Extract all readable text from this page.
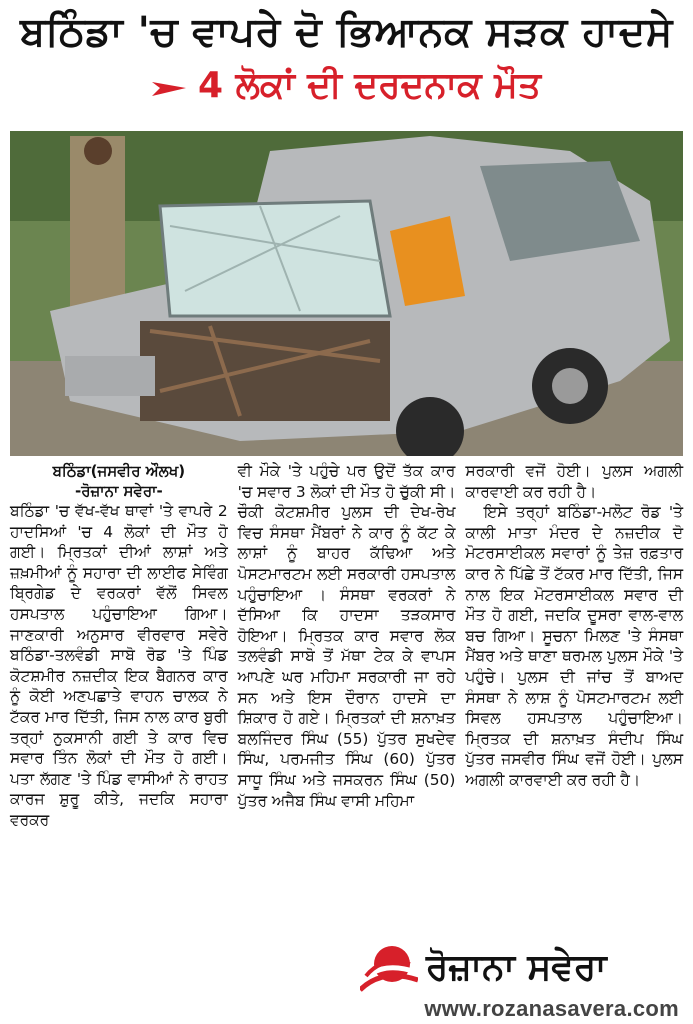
ਬਠਿੰਡਾ 'ਚ ਵਾਪਰੇ ਦੋ ਭਿਆਨਕ ਸੜਕ ਹਾਦਸੇ
4 ਲੋਕਾਂ ਦੀ ਦਰਦਨਾਕ ਮੌਤ
ਬਠਿੰਡਾ(ਜਸਵੀਰ ਔਲਖ)
-ਰੋਜ਼ਾਨਾ ਸਵੇਰਾ-

ਬਠਿੰਡਾ 'ਚ ਵੱਖ-ਵੱਖ ਥਾਵਾਂ 'ਤੇ ਵਾਪਰੇ 2 ਹਾਦਸਿਆਂ 'ਚ 4 ਲੋਕਾਂ ਦੀ ਮੌਤ ਹੋ ਗਈ। ਮ੍ਰਿਤਕਾਂ ਦੀਆਂ ਲਾਸ਼ਾਂ ਅਤੇ ਜ਼ਖ਼ਮੀਆਂ ਨੂੰ ਸਹਾਰਾ ਦੀ ਲਾਈਫ ਸੇਵਿੰਗ ਬ੍ਰਿਗੇਡ ਦੇ ਵਰਕਰਾਂ ਵੱਲੋਂ ਸਿਵਲ ਹਸਪਤਾਲ ਪਹੁੰਚਾਇਆ ਗਿਆ। ਜਾਣਕਾਰੀ ਅਨੁਸਾਰ ਵੀਰਵਾਰ ਸਵੇਰੇ ਬਠਿੰਡਾ-ਤਲਵੰਡੀ ਸਾਬੋ ਰੋਡ 'ਤੇ ਪਿੰਡ ਕੋਟਸ਼ਮੀਰ ਨਜ਼ਦੀਕ ਇਕ ਬੈਗਨਰ ਕਾਰ ਨੂੰ ਕੋਈ ਅਣਪਛਾਤੇ ਵਾਹਨ ਚਾਲਕ ਨੇ ਟੱਕਰ ਮਾਰ ਦਿੱਤੀ, ਜਿਸ ਨਾਲ ਕਾਰ ਬੁਰੀ ਤਰ੍ਹਾਂ ਨੁਕਸਾਨੀ ਗਈ ਤੇ ਕਾਰ ਵਿਚ ਸਵਾਰ ਤਿੰਨ ਲੋਕਾਂ ਦੀ ਮੌਤ ਹੋ ਗਈ। ਪਤਾ ਲੱਗਣ 'ਤੇ ਪਿੰਡ ਵਾਸੀਆਂ ਨੇ ਰਾਹਤ ਕਾਰਜ ਸ਼ੁਰੂ ਕੀਤੇ, ਜਦਕਿ ਸਹਾਰਾ ਵਰਕਰ

ਵੀ ਮੌਕੇ 'ਤੇ ਪਹੁੰਚੇ ਪਰ ਉਦੋਂ ਤੱਕ ਕਾਰ 'ਚ ਸਵਾਰ 3 ਲੋਕਾਂ ਦੀ ਮੌਤ ਹੋ ਚੁੱਕੀ ਸੀ। ਚੌਕੀ ਕੋਟਸ਼ਮੀਰ ਪੁਲਸ ਦੀ ਦੇਖ-ਰੇਖ ਵਿਚ ਸੰਸਥਾ ਮੈਂਬਰਾਂ ਨੇ ਕਾਰ ਨੂੰ ਕੱਟ ਕੇ ਲਾਸ਼ਾਂ ਨੂੰ ਬਾਹਰ ਕੱਢਿਆ ਅਤੇ ਪੋਸਟਮਾਰਟਮ ਲਈ ਸਰਕਾਰੀ ਹਸਪਤਾਲ ਪਹੁੰਚਾਇਆ । ਸੰਸਥਾ ਵਰਕਰਾਂ ਨੇ ਦੱਸਿਆ ਕਿ ਹਾਦਸਾ ਤੜਕਸਾਰ ਹੋਇਆ। ਮ੍ਰਿਤਕ ਕਾਰ ਸਵਾਰ ਲੋਕ ਤਲਵੰਡੀ ਸਾਬੋ ਤੋਂ ਮੱਥਾ ਟੇਕ ਕੇ ਵਾਪਸ ਆਪਣੇ ਘਰ ਮਹਿਮਾ ਸਰਕਾਰੀ ਜਾ ਰਹੇ ਸਨ ਅਤੇ ਇਸ ਦੌਰਾਨ ਹਾਦਸੇ ਦਾ ਸ਼ਿਕਾਰ ਹੋ ਗਏ। ਮ੍ਰਿਤਕਾਂ ਦੀ ਸ਼ਨਾਖ਼ਤ ਬਲਜਿੰਦਰ ਸਿੰਘ (55) ਪੁੱਤਰ ਸੁਖਦੇਵ ਸਿੰਘ, ਪਰਮਜੀਤ ਸਿੰਘ (60) ਪੁੱਤਰ ਸਾਧੂ ਸਿੰਘ ਅਤੇ ਜਸਕਰਨ ਸਿੰਘ (50) ਪੁੱਤਰ ਅਜੈਬ ਸਿੰਘ ਵਾਸੀ ਮਹਿਮਾ

ਸਰਕਾਰੀ ਵਜੋਂ ਹੋਈ। ਪੁਲਸ ਅਗਲੀ ਕਾਰਵਾਈ ਕਰ ਰਹੀ ਹੈ।

ਇਸੇ ਤਰ੍ਹਾਂ ਬਠਿੰਡਾ-ਮਲੋਟ ਰੋਡ 'ਤੇ ਕਾਲੀ ਮਾਤਾ ਮੰਦਰ ਦੇ ਨਜ਼ਦੀਕ ਦੋ ਮੋਟਰਸਾਈਕਲ ਸਵਾਰਾਂ ਨੂੰ ਤੇਜ਼ ਰਫ਼ਤਾਰ ਕਾਰ ਨੇ ਪਿੱਛੇ ਤੋਂ ਟੱਕਰ ਮਾਰ ਦਿੱਤੀ, ਜਿਸ ਨਾਲ ਇਕ ਮੋਟਰਸਾਈਕਲ ਸਵਾਰ ਦੀ ਮੌਤ ਹੋ ਗਈ, ਜਦਕਿ ਦੂਸਰਾ ਵਾਲ-ਵਾਲ ਬਚ ਗਿਆ। ਸੂਚਨਾ ਮਿਲਣ 'ਤੇ ਸੰਸਥਾ ਮੈਂਬਰ ਅਤੇ ਥਾਣਾ ਥਰਮਲ ਪੁਲਸ ਮੌਕੇ 'ਤੇ ਪਹੁੰਚੇ। ਪੁਲਸ ਦੀ ਜਾਂਚ ਤੋਂ ਬਾਅਦ ਸੰਸਥਾ ਨੇ ਲਾਸ਼ ਨੂੰ ਪੋਸਟਮਾਰਟਮ ਲਈ ਸਿਵਲ ਹਸਪਤਾਲ ਪਹੁੰਚਾਇਆ। ਮ੍ਰਿਤਕ ਦੀ ਸ਼ਨਾਖ਼ਤ ਸੰਦੀਪ ਸਿੰਘ ਪੁੱਤਰ ਜਸਵੀਰ ਸਿੰਘ ਵਜੋਂ ਹੋਈ। ਪੁਲਸ ਅਗਲੀ ਕਾਰਵਾਈ ਕਰ ਰਹੀ ਹੈ।

ਰੋਜ਼ਾਨਾ ਸਵੇਰਾ
www.rozanasavera.com
